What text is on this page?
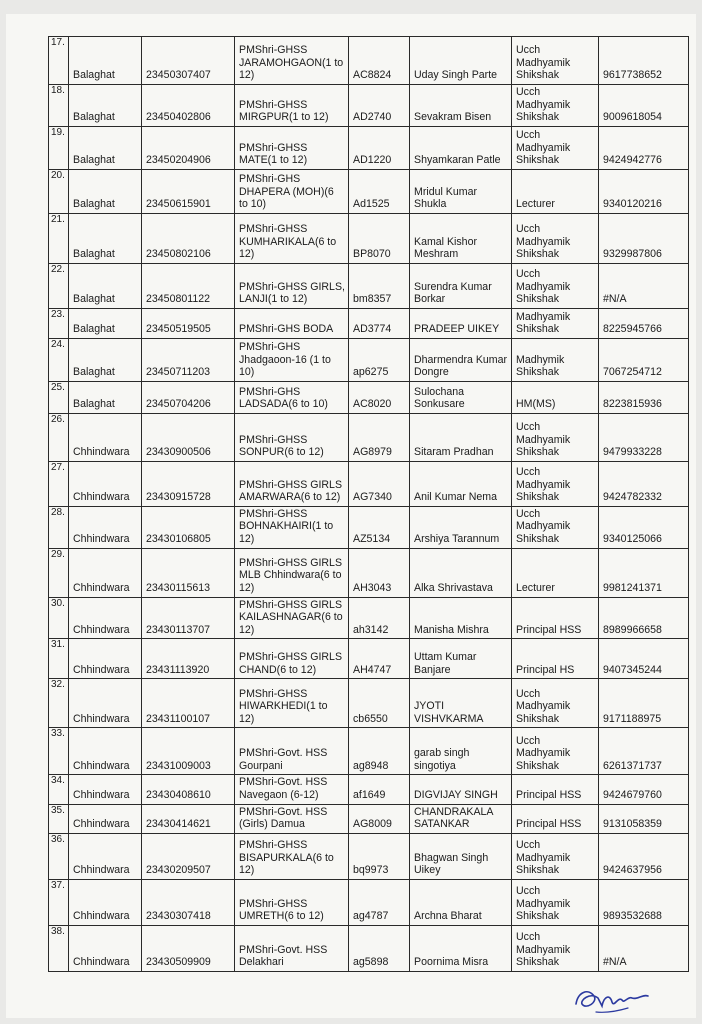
17.	Balaghat	23450307407	PMShri-GHSS JARAMOHGAON(1 to 12)	AC8824	Uday Singh Parte	Ucch Madhyamik Shikshak	9617738652
18.	Balaghat	23450402806	PMShri-GHSS MIRGPUR(1 to 12)	AD2740	Sevakram Bisen	Ucch Madhyamik Shikshak	9009618054
19.	Balaghat	23450204906	PMShri-GHSS MATE(1 to 12)	AD1220	Shyamkaran Patle	Ucch Madhyamik Shikshak	9424942776
20.	Balaghat	23450615901	PMShri-GHS DHAPERA (MOH)(6 to 10)	Ad1525	Mridul Kumar Shukla	Lecturer	9340120216
21.	Balaghat	23450802106	PMShri-GHSS KUMHARIKALA(6 to 12)	BP8070	Kamal Kishor Meshram	Ucch Madhyamik Shikshak	9329987806
22.	Balaghat	23450801122	PMShri-GHSS GIRLS, LANJI(1 to 12)	bm8357	Surendra Kumar Borkar	Ucch Madhyamik Shikshak	#N/A
23.	Balaghat	23450519505	PMShri-GHS BODA	AD3774	PRADEEP UIKEY	Madhyamik Shikshak	8225945766
24.	Balaghat	23450711203	PMShri-GHS Jhadgaoon-16 (1 to 10)	ap6275	Dharmendra Kumar Dongre	Madhymik Shikshak	7067254712
25.	Balaghat	23450704206	PMShri-GHS LADSADA(6 to 10)	AC8020	Sulochana Sonkusare	HM(MS)	8223815936
26.	Chhindwara	23430900506	PMShri-GHSS SONPUR(6 to 12)	AG8979	Sitaram Pradhan	Ucch Madhyamik Shikshak	9479933228
27.	Chhindwara	23430915728	PMShri-GHSS GIRLS AMARWARA(6 to 12)	AG7340	Anil Kumar Nema	Ucch Madhyamik Shikshak	9424782332
28.	Chhindwara	23430106805	PMShri-GHSS BOHNAKHAIRI(1 to 12)	AZ5134	Arshiya Tarannum	Ucch Madhyamik Shikshak	9340125066
29.	Chhindwara	23430115613	PMShri-GHSS GIRLS MLB Chhindwara(6 to 12)	AH3043	Alka Shrivastava	Lecturer	9981241371
30.	Chhindwara	23430113707	PMShri-GHSS GIRLS KAILASHNAGAR(6 to 12)	ah3142	Manisha Mishra	Principal HSS	8989966658
31.	Chhindwara	23431113920	PMShri-GHSS GIRLS CHAND(6 to 12)	AH4747	Uttam Kumar Banjare	Principal HS	9407345244
32.	Chhindwara	23431100107	PMShri-GHSS HIWARKHEDI(1 to 12)	cb6550	JYOTI VISHVKARMA	Ucch Madhyamik Shikshak	9171188975
33.	Chhindwara	23431009003	PMShri-Govt. HSS Gourpani	ag8948	garab singh singotiya	Ucch Madhyamik Shikshak	6261371737
34.	Chhindwara	23430408610	PMShri-Govt. HSS Navegaon (6-12)	af1649	DIGVIJAY SINGH	Principal HSS	9424679760
35.	Chhindwara	23430414621	PMShri-Govt. HSS (Girls) Damua	AG8009	CHANDRAKALA SATANKAR	Principal HSS	9131058359
36.	Chhindwara	23430209507	PMShri-GHSS BISAPURKALA(6 to 12)	bq9973	Bhagwan Singh Uikey	Ucch Madhyamik Shikshak	9424637956
37.	Chhindwara	23430307418	PMShri-GHSS UMRETH(6 to 12)	ag4787	Archna Bharat	Ucch Madhyamik Shikshak	9893532688
38.	Chhindwara	23430509909	PMShri-Govt. HSS Delakhari	ag5898	Poornima Misra	Ucch Madhyamik Shikshak	#N/A
